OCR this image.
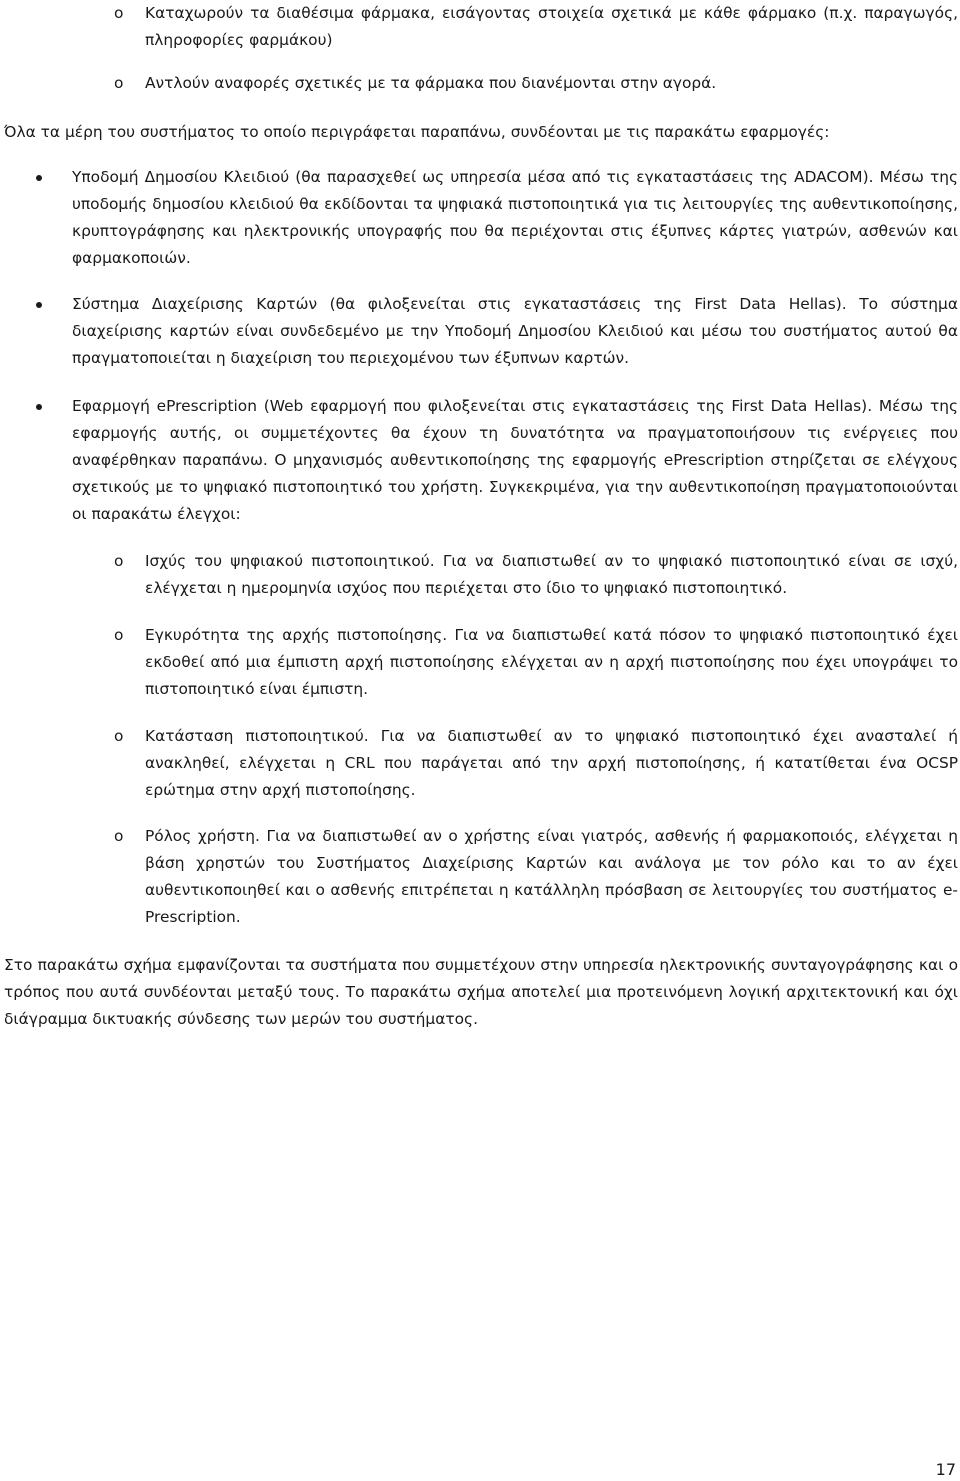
o Καταχωρούν τα διαθέσιμα φάρμακα, εισάγοντας στοιχεία σχετικά με κάθε φάρμακο (π.χ. παραγωγός, πληροφορίες φαρμάκου)

o Αντλούν αναφορές σχετικές με τα φάρμακα που διανέμονται στην αγορά.

Όλα τα μέρη του συστήματος το οποίο περιγράφεται παραπάνω, συνδέονται με τις παρακάτω εφαρμογές:

Υποδομή Δημοσίου Κλειδιού (θα παρασχεθεί ως υπηρεσία μέσα από τις εγκαταστάσεις της ADACOM). Μέσω της υποδομής δημοσίου κλειδιού θα εκδίδονται τα ψηφιακά πιστοποιητικά για τις λειτουργίες της αυθεντικοποίησης, κρυπτογράφησης και ηλεκτρονικής υπογραφής που θα περιέχονται στις έξυπνες κάρτες γιατρών, ασθενών και φαρμακοποιών.

Σύστημα Διαχείρισης Καρτών (θα φιλοξενείται στις εγκαταστάσεις της First Data Hellas). Το σύστημα διαχείρισης καρτών είναι συνδεδεμένο με την Υποδομή Δημοσίου Κλειδιού και μέσω του συστήματος αυτού θα πραγματοποιείται η διαχείριση του περιεχομένου των έξυπνων καρτών.

Εφαρμογή ePrescription (Web εφαρμογή που φιλοξενείται στις εγκαταστάσεις της First Data Hellas). Μέσω της εφαρμογής αυτής, οι συμμετέχοντες θα έχουν τη δυνατότητα να πραγματοποιήσουν τις ενέργειες που αναφέρθηκαν παραπάνω. Ο μηχανισμός αυθεντικοποίησης της εφαρμογής ePrescription στηρίζεται σε ελέγχους σχετικούς με το ψηφιακό πιστοποιητικό του χρήστη. Συγκεκριμένα, για την αυθεντικοποίηση πραγματοποιούνται οι παρακάτω έλεγχοι:

o Ισχύς του ψηφιακού πιστοποιητικού. Για να διαπιστωθεί αν το ψηφιακό πιστοποιητικό είναι σε ισχύ, ελέγχεται η ημερομηνία ισχύος που περιέχεται στο ίδιο το ψηφιακό πιστοποιητικό.

o Εγκυρότητα της αρχής πιστοποίησης. Για να διαπιστωθεί κατά πόσον το ψηφιακό πιστοποιητικό έχει εκδοθεί από μια έμπιστη αρχή πιστοποίησης ελέγχεται αν η αρχή πιστοποίησης που έχει υπογράψει το πιστοποιητικό είναι έμπιστη.

o Κατάσταση πιστοποιητικού. Για να διαπιστωθεί αν το ψηφιακό πιστοποιητικό έχει ανασταλεί ή ανακληθεί, ελέγχεται η CRL που παράγεται από την αρχή πιστοποίησης, ή κατατίθεται ένα OCSP ερώτημα στην αρχή πιστοποίησης.

o Ρόλος χρήστη. Για να διαπιστωθεί αν ο χρήστης είναι γιατρός, ασθενής ή φαρμακοποιός, ελέγχεται η βάση χρηστών του Συστήματος Διαχείρισης Καρτών και ανάλογα με τον ρόλο και το αν έχει αυθεντικοποιηθεί και ο ασθενής επιτρέπεται η κατάλληλη πρόσβαση σε λειτουργίες του συστήματος e-Prescription.

Στο παρακάτω σχήμα εμφανίζονται τα συστήματα που συμμετέχουν στην υπηρεσία ηλεκτρονικής συνταγογράφησης και ο τρόπος που αυτά συνδέονται μεταξύ τους. Το παρακάτω σχήμα αποτελεί μια προτεινόμενη λογική αρχιτεκτονική και όχι διάγραμμα δικτυακής σύνδεσης των μερών του συστήματος.

17
